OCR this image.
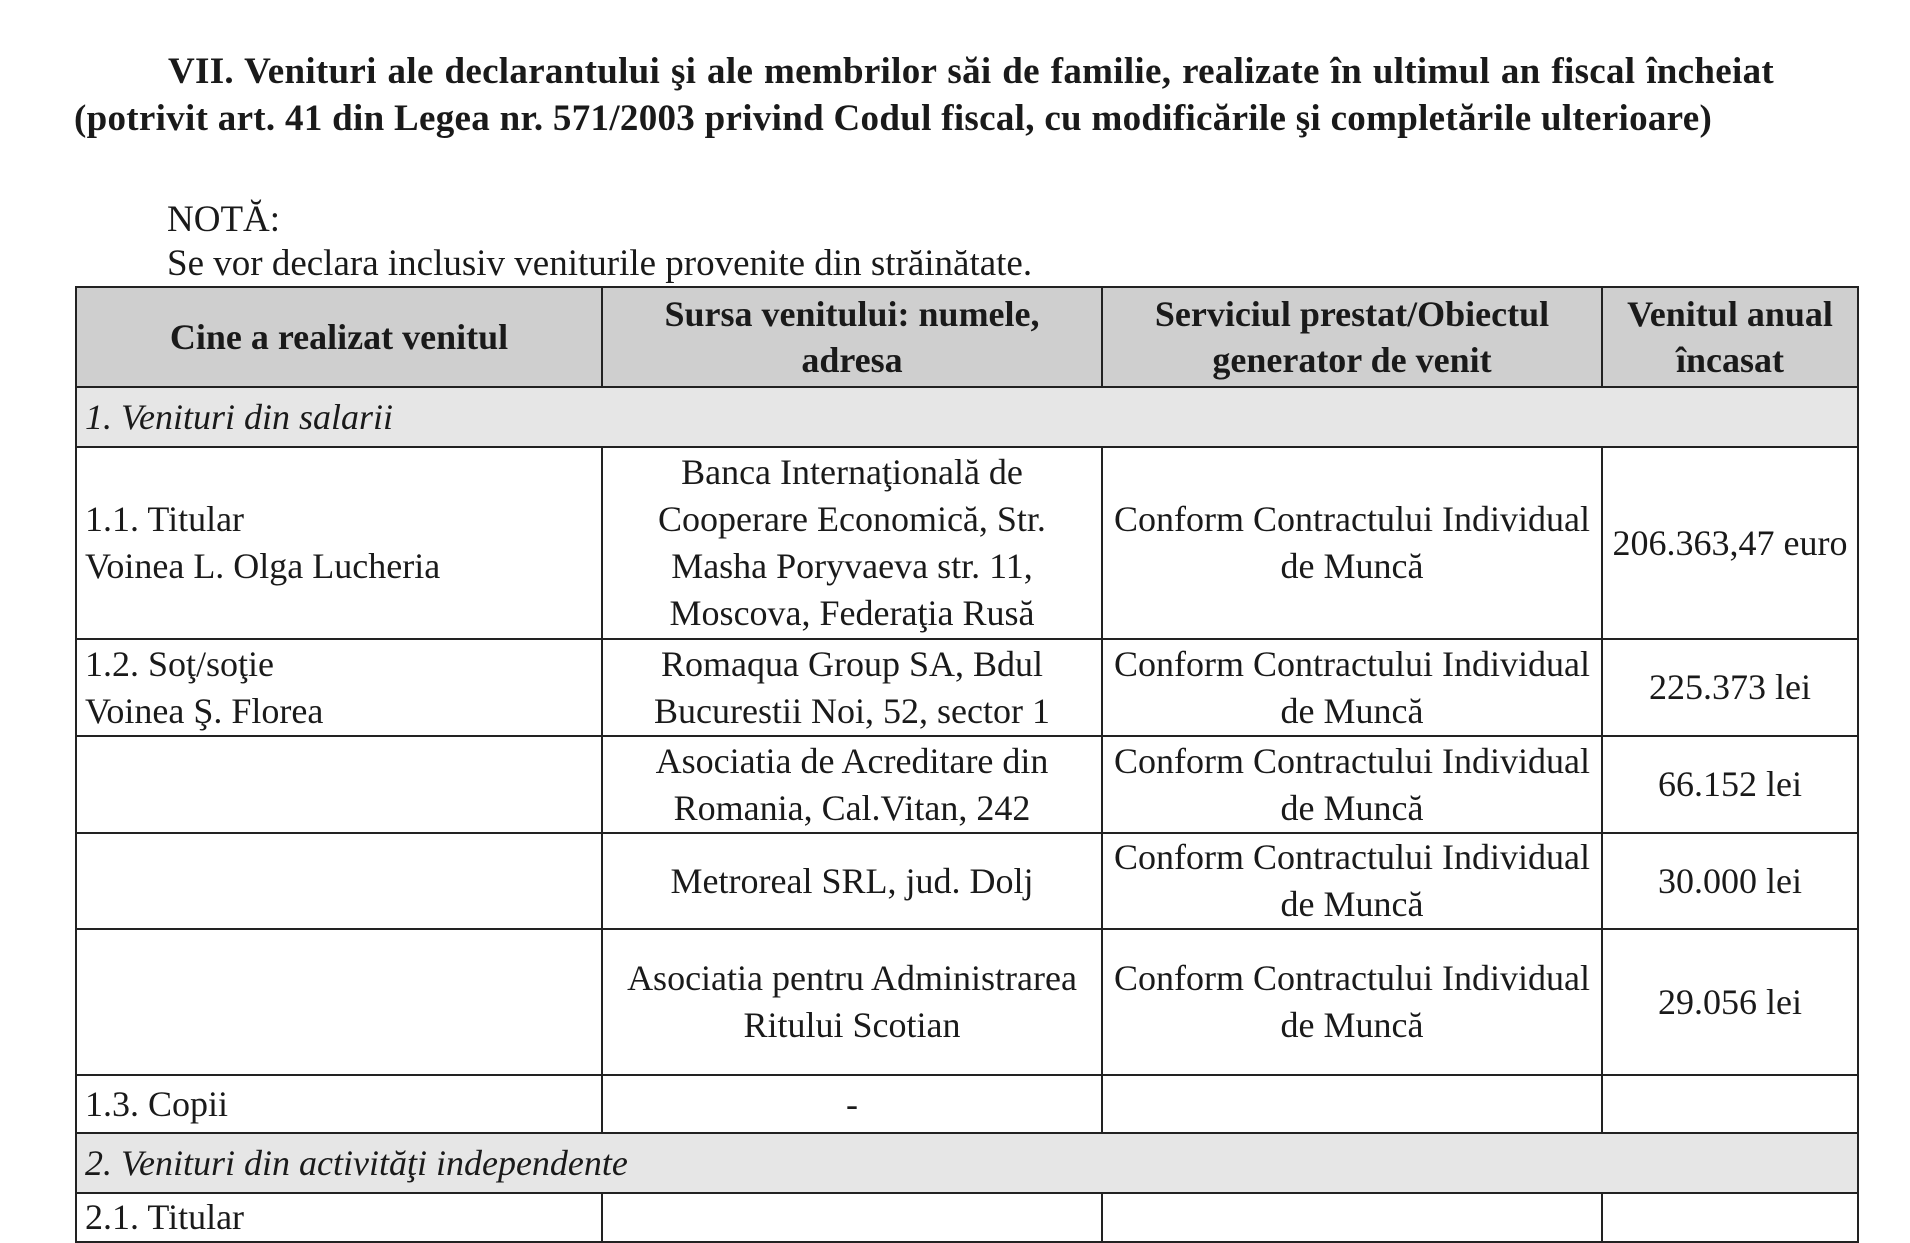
VII. Venituri ale declarantului şi ale membrilor săi de familie, realizate în ultimul an fiscal încheiat (potrivit art. 41 din Legea nr. 571/2003 privind Codul fiscal, cu modificările şi completările ulterioare)
NOTĂ:
Se vor declara inclusiv veniturile provenite din străinătate.
Cine a realizat venitul	Sursa venitului: numele, adresa	Serviciul prestat/Obiectul generator de venit	Venitul anual încasat
1. Venituri din salarii			

1.1. Titular
Voinea L. Olga Lucheria	Banca Internaţională de Cooperare Economică, Str. Masha Poryvaeva str. 11, Moscova, Federaţia Rusă	Conform Contractului Individual de Muncă	206.363,47 euro

1.2. Soţ/soţie
Voinea Ş. Florea	Romaqua Group SA, Bdul Bucurestii Noi, 52, sector 1	Conform Contractului Individual de Muncă	225.373 lei
	Asociatia de Acreditare din Romania, Cal.Vitan, 242	Conform Contractului Individual de Muncă	66.152 lei
	Metroreal SRL, jud. Dolj	Conform Contractului Individual de Muncă	30.000 lei
	Asociatia pentru Administrarea Ritului Scotian	Conform Contractului Individual de Muncă	29.056 lei
1.3. Copii	-		
2. Venituri din activităţi independente			
2.1. Titular			
